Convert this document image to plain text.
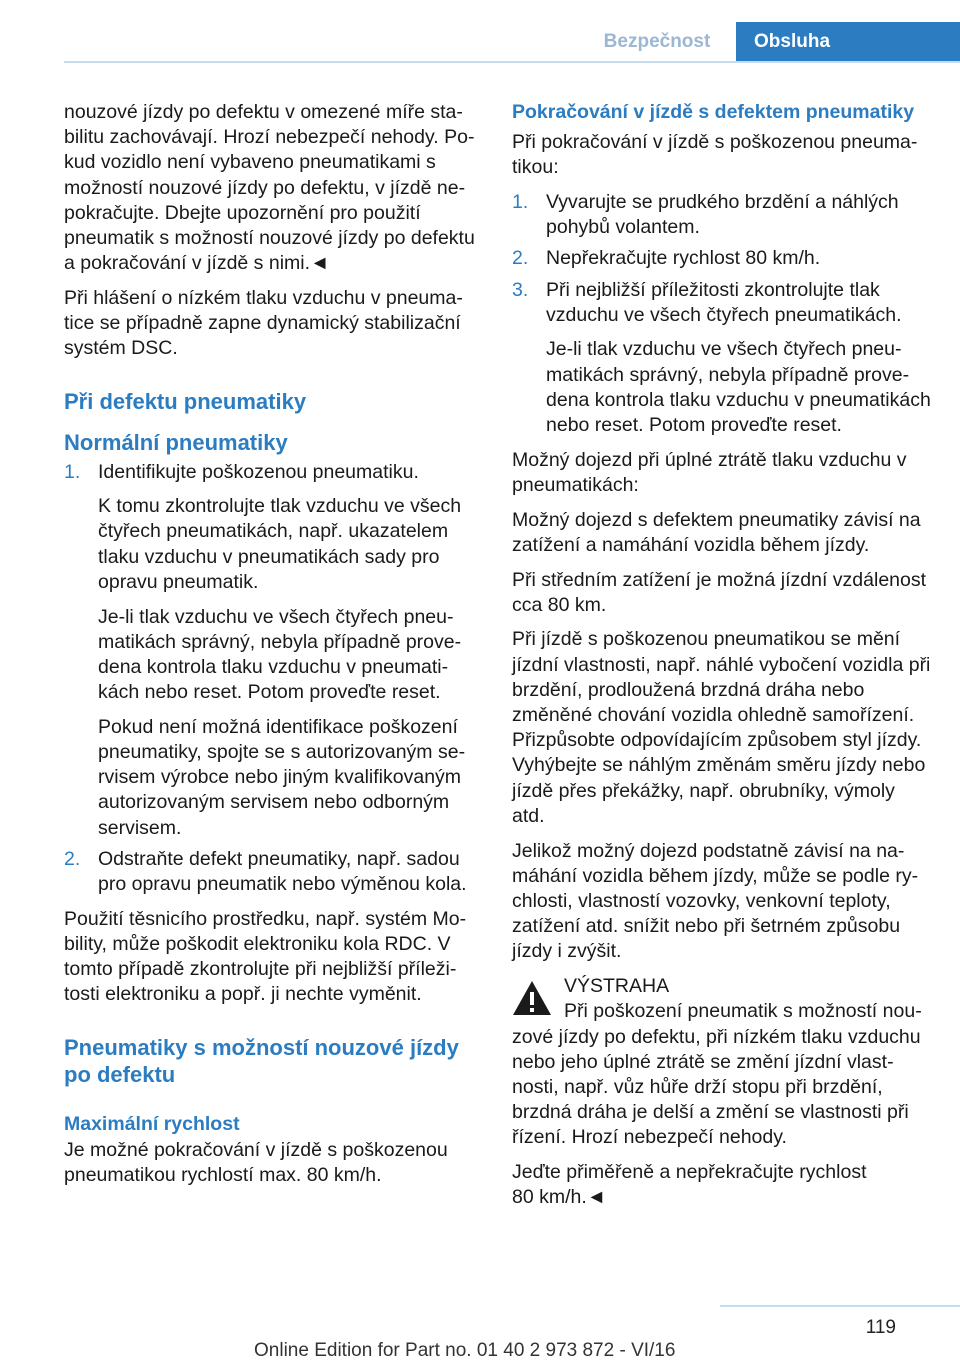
Bezpečnost	Obsluha

nouzové jízdy po defektu v omezené míře stabilitu zachovávají. Hrozí nebezpečí nehody. Pokud vozidlo není vybaveno pneumatikami s možností nouzové jízdy po defektu, v jízdě nepokračujte. Dbejte upozornění pro použití pneumatik s možností nouzové jízdy po defektu a pokračování v jízdě s nimi.◄

Při hlášení o nízkém tlaku vzduchu v pneumatice se případně zapne dynamický stabilizační systém DSC.

Při defektu pneumatiky
Normální pneumatiky
1. Identifikujte poškozenou pneumatiku.
K tomu zkontrolujte tlak vzduchu ve všech čtyřech pneumatikách, např. ukazatelem tlaku vzduchu v pneumatikách sady pro opravu pneumatik.
Je-li tlak vzduchu ve všech čtyřech pneumatikách správný, nebyla případně provedena kontrola tlaku vzduchu v pneumatikách nebo reset. Potom proveďte reset.
Pokud není možná identifikace poškození pneumatiky, spojte se s autorizovaným servisem výrobce nebo jiným kvalifikovaným autorizovaným servisem nebo odborným servisem.
2. Odstraňte defekt pneumatiky, např. sadou pro opravu pneumatik nebo výměnou kola.

Použití těsnicího prostředku, např. systém Mobility, může poškodit elektroniku kola RDC. V tomto případě zkontrolujte při nejbližší příležitosti elektroniku a popř. ji nechte vyměnit.

Pneumatiky s možností nouzové jízdy po defektu
Maximální rychlost

Je možné pokračování v jízdě s poškozenou pneumatikou rychlostí max. 80 km/h.

Pokračování v jízdě s defektem pneumatiky

Při pokračování v jízdě s poškozenou pneumatikou:

1. Vyvarujte se prudkého brzdění a náhlých pohybů volantem.
2. Nepřekračujte rychlost 80 km/h.
3. Při nejbližší příležitosti zkontrolujte tlak vzduchu ve všech čtyřech pneumatikách.
Je-li tlak vzduchu ve všech čtyřech pneumatikách správný, nebyla případně provedena kontrola tlaku vzduchu v pneumatikách nebo reset. Potom proveďte reset.

Možný dojezd při úplné ztrátě tlaku vzduchu v pneumatikách:

Možný dojezd s defektem pneumatiky závisí na zatížení a namáhání vozidla během jízdy.

Při středním zatížení je možná jízdní vzdálenost cca 80 km.

Při jízdě s poškozenou pneumatikou se mění jízdní vlastnosti, např. náhlé vybočení vozidla při brzdění, prodloužená brzdná dráha nebo změněné chování vozidla ohledně samořízení. Přizpůsobte odpovídajícím způsobem styl jízdy. Vyhýbejte se náhlým změnám směru jízdy nebo jízdě přes překážky, např. obrubníky, výmoly atd.

Jelikož možný dojezd podstatně závisí na namáhání vozidla během jízdy, může se podle rychlosti, vlastností vozovky, venkovní teploty, zatížení atd. snížit nebo při šetrném způsobu jízdy i zvýšit.

VÝSTRAHA
Při poškození pneumatik s možností nouzové jízdy po defektu, při nízkém tlaku vzduchu nebo jeho úplné ztrátě se změní jízdní vlastnosti, např. vůz hůře drží stopu při brzdění, brzdná dráha je delší a změní se vlastnosti při řízení. Hrozí nebezpečí nehody.

Jeďte přiměřeně a nepřekračujte rychlost
80 km/h.◄

119
Online Edition for Part no. 01 40 2 973 872 - VI/16
